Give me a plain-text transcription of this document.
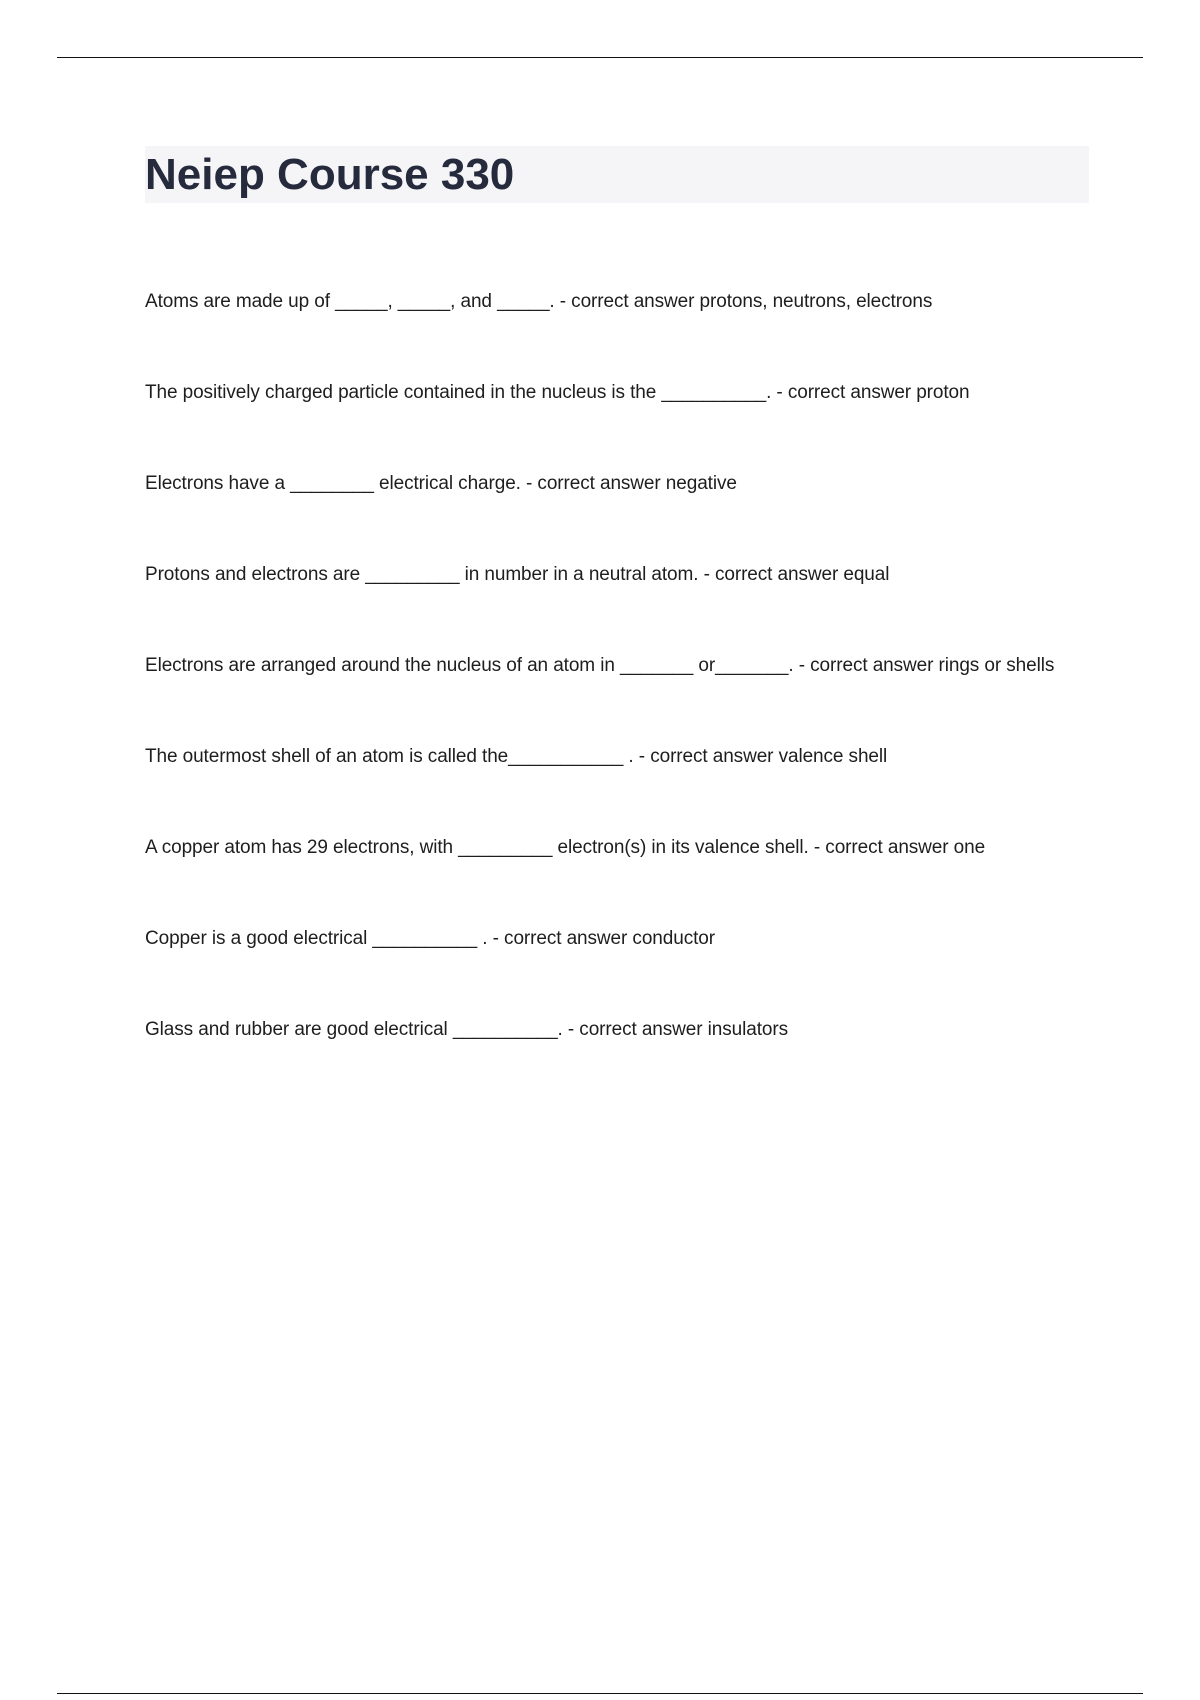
Neiep Course 330
Atoms are made up of _____, _____, and _____. - correct answer protons, neutrons, electrons
The positively charged particle contained in the nucleus is the __________. - correct answer proton
Electrons have a ________ electrical charge. - correct answer negative
Protons and electrons are _________ in number in a neutral atom. - correct answer equal
Electrons are arranged around the nucleus of an atom in _______ or_______. - correct answer rings or shells
The outermost shell of an atom is called the___________ . - correct answer valence shell
A copper atom has 29 electrons, with _________ electron(s) in its valence shell. - correct answer one
Copper is a good electrical __________ . - correct answer conductor
Glass and rubber are good electrical __________. - correct answer insulators
